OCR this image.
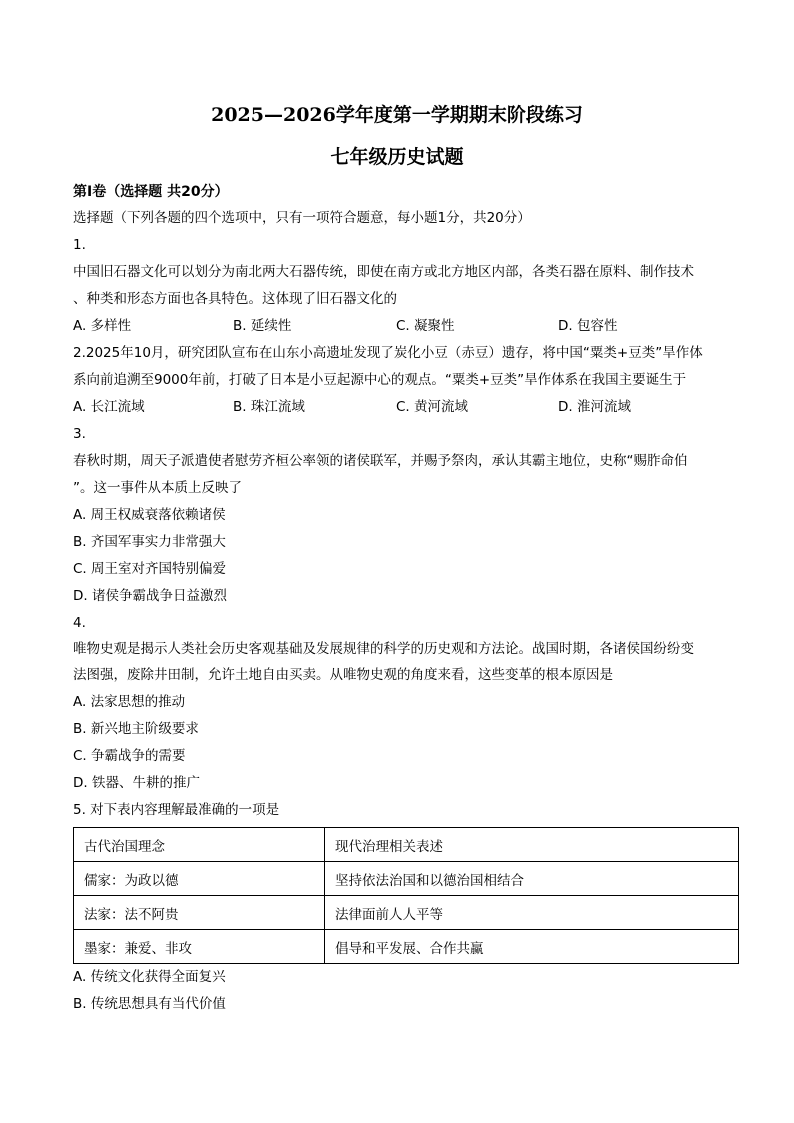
2025—2026学年度第一学期期末阶段练习
七年级历史试题
第Ⅰ卷（选择题 共20分）
选择题（下列各题的四个选项中，只有一项符合题意，每小题1分，共20分）
1.
中国旧石器文化可以划分为南北两大石器传统，即使在南方或北方地区内部，各类石器在原料、制作技术
、种类和形态方面也各具特色。这体现了旧石器文化的
A. 多样性	B. 延续性	C. 凝聚性	D. 包容性
2.2025年10月，研究团队宣布在山东小高遗址发现了炭化小豆（赤豆）遗存，将中国“粟类+豆类”旱作体
系向前追溯至9000年前，打破了日本是小豆起源中心的观点。“粟类+豆类”旱作体系在我国主要诞生于
A. 长江流域	B. 珠江流域	C. 黄河流域	D. 淮河流域
3.
春秋时期，周天子派遣使者慰劳齐桓公率领的诸侯联军，并赐予祭肉，承认其霸主地位，史称“赐胙命伯
”。这一事件从本质上反映了
A. 周王权威衰落依赖诸侯
B. 齐国军事实力非常强大
C. 周王室对齐国特别偏爱
D. 诸侯争霸战争日益激烈
4.
唯物史观是揭示人类社会历史客观基础及发展规律的科学的历史观和方法论。战国时期，各诸侯国纷纷变
法图强，废除井田制，允许土地自由买卖。从唯物史观的角度来看，这些变革的根本原因是
A. 法家思想的推动
B. 新兴地主阶级要求
C. 争霸战争的需要
D. 铁器、牛耕的推广
5. 对下表内容理解最准确的一项是
古代治国理念	现代治理相关表述
儒家：为政以德	坚持依法治国和以德治国相结合
法家：法不阿贵	法律面前人人平等
墨家：兼爱、非攻	倡导和平发展、合作共赢
A. 传统文化获得全面复兴
B. 传统思想具有当代价值
